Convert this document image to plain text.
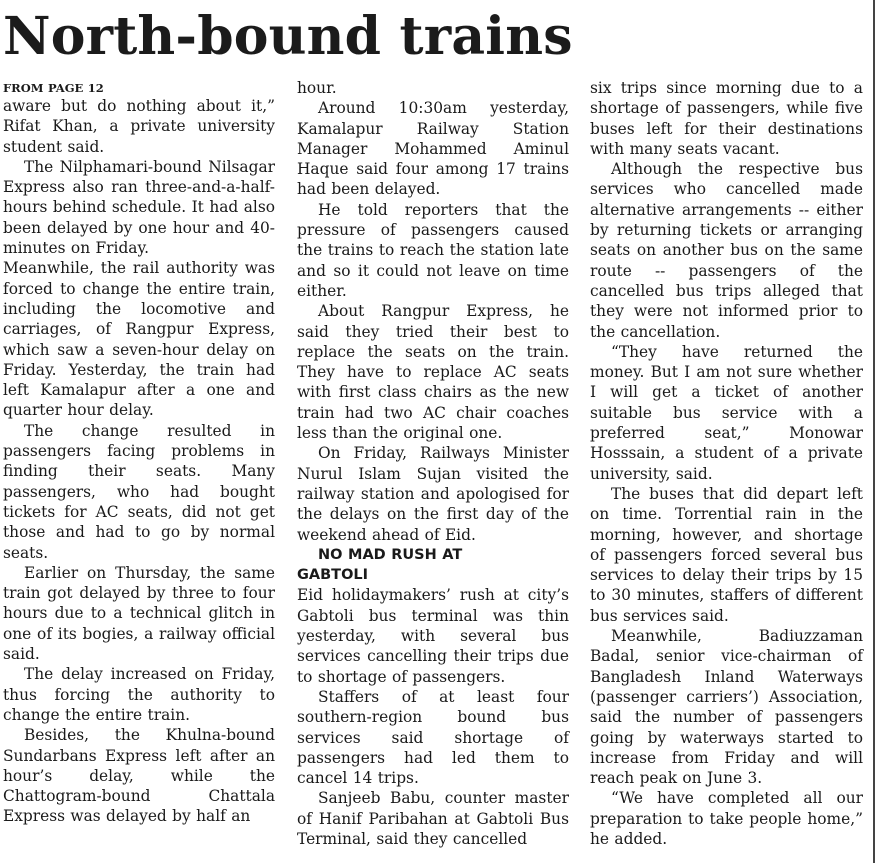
North-bound trains
FROM PAGE 12

aware but do nothing about it,” Rifat Khan, a private university student said.

The Nilphamari-bound Nilsagar Express also ran three-and-a-half-hours behind schedule. It had also been delayed by one hour and 40-minutes on Friday.

Meanwhile, the rail authority was forced to change the entire train, including the locomotive and carriages, of Rangpur Express, which saw a seven-hour delay on Friday. Yesterday, the train had left Kamalapur after a one and quarter hour delay.

The change resulted in passengers facing problems in finding their seats. Many passengers, who had bought tickets for AC seats, did not get those and had to go by normal seats.

Earlier on Thursday, the same train got delayed by three to four hours due to a technical glitch in one of its bogies, a railway official said.

The delay increased on Friday, thus forcing the authority to change the entire train.

Besides, the Khulna-bound Sundarbans Express left after an hour’s delay, while the Chattogram-bound Chattala Express was delayed by half an

hour.

Around 10:30am yesterday, Kamalapur Railway Station Manager Mohammed Aminul Haque said four among 17 trains had been delayed.

He told reporters that the pressure of passengers caused the trains to reach the station late and so it could not leave on time either.

About Rangpur Express, he said they tried their best to replace the seats on the train. They have to replace AC seats with first class chairs as the new train had two AC chair coaches less than the original one.

On Friday, Railways Minister Nurul Islam Sujan visited the railway station and apologised for the delays on the first day of the weekend ahead of Eid.

NO MAD RUSH AT GABTOLI

Eid holidaymakers’ rush at city’s Gabtoli bus terminal was thin yesterday, with several bus services cancelling their trips due to shortage of passengers.

Staffers of at least four southern-region bound bus services said shortage of passengers had led them to cancel 14 trips.

Sanjeeb Babu, counter master of Hanif Paribahan at Gabtoli Bus Terminal, said they cancelled

six trips since morning due to a shortage of passengers, while five buses left for their destinations with many seats vacant.

Although the respective bus services who cancelled made alternative arrangements -- either by returning tickets or arranging seats on another bus on the same route -- passengers of the cancelled bus trips alleged that they were not informed prior to the cancellation.

“They have returned the money. But I am not sure whether I will get a ticket of another suitable bus service with a preferred seat,” Monowar Hosssain, a student of a private university, said.

The buses that did depart left on time. Torrential rain in the morning, however, and shortage of passengers forced several bus services to delay their trips by 15 to 30 minutes, staffers of different bus services said.

Meanwhile, Badiuzzaman Badal, senior vice-chairman of Bangladesh Inland Waterways (passenger carriers’) Association, said the number of passengers going by waterways started to increase from Friday and will reach peak on June 3.

“We have completed all our preparation to take people home,” he added.
